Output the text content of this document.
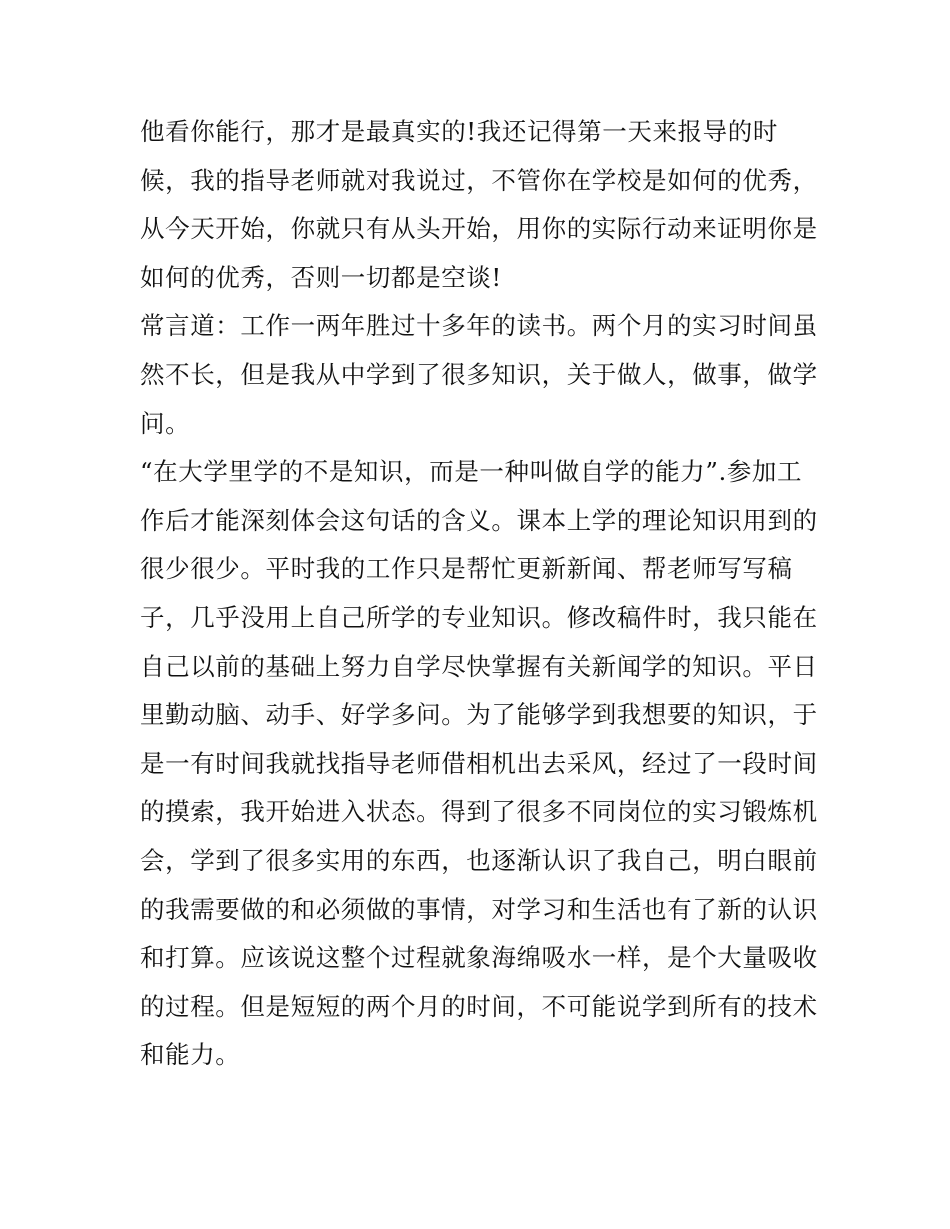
他看你能行，那才是最真实的!我还记得第一天来报导的时
候，我的指导老师就对我说过，不管你在学校是如何的优秀，
从今天开始，你就只有从头开始，用你的实际行动来证明你是
如何的优秀，否则一切都是空谈!
常言道：工作一两年胜过十多年的读书。两个月的实习时间虽
然不长，但是我从中学到了很多知识，关于做人，做事，做学
问。
“在大学里学的不是知识，而是一种叫做自学的能力”.参加工
作后才能深刻体会这句话的含义。课本上学的理论知识用到的
很少很少。平时我的工作只是帮忙更新新闻、帮老师写写稿
子，几乎没用上自己所学的专业知识。修改稿件时，我只能在
自己以前的基础上努力自学尽快掌握有关新闻学的知识。平日
里勤动脑、动手、好学多问。为了能够学到我想要的知识，于
是一有时间我就找指导老师借相机出去采风，经过了一段时间
的摸索，我开始进入状态。得到了很多不同岗位的实习锻炼机
会，学到了很多实用的东西，也逐渐认识了我自己，明白眼前
的我需要做的和必须做的事情，对学习和生活也有了新的认识
和打算。应该说这整个过程就象海绵吸水一样，是个大量吸收
的过程。但是短短的两个月的时间，不可能说学到所有的技术
和能力。
